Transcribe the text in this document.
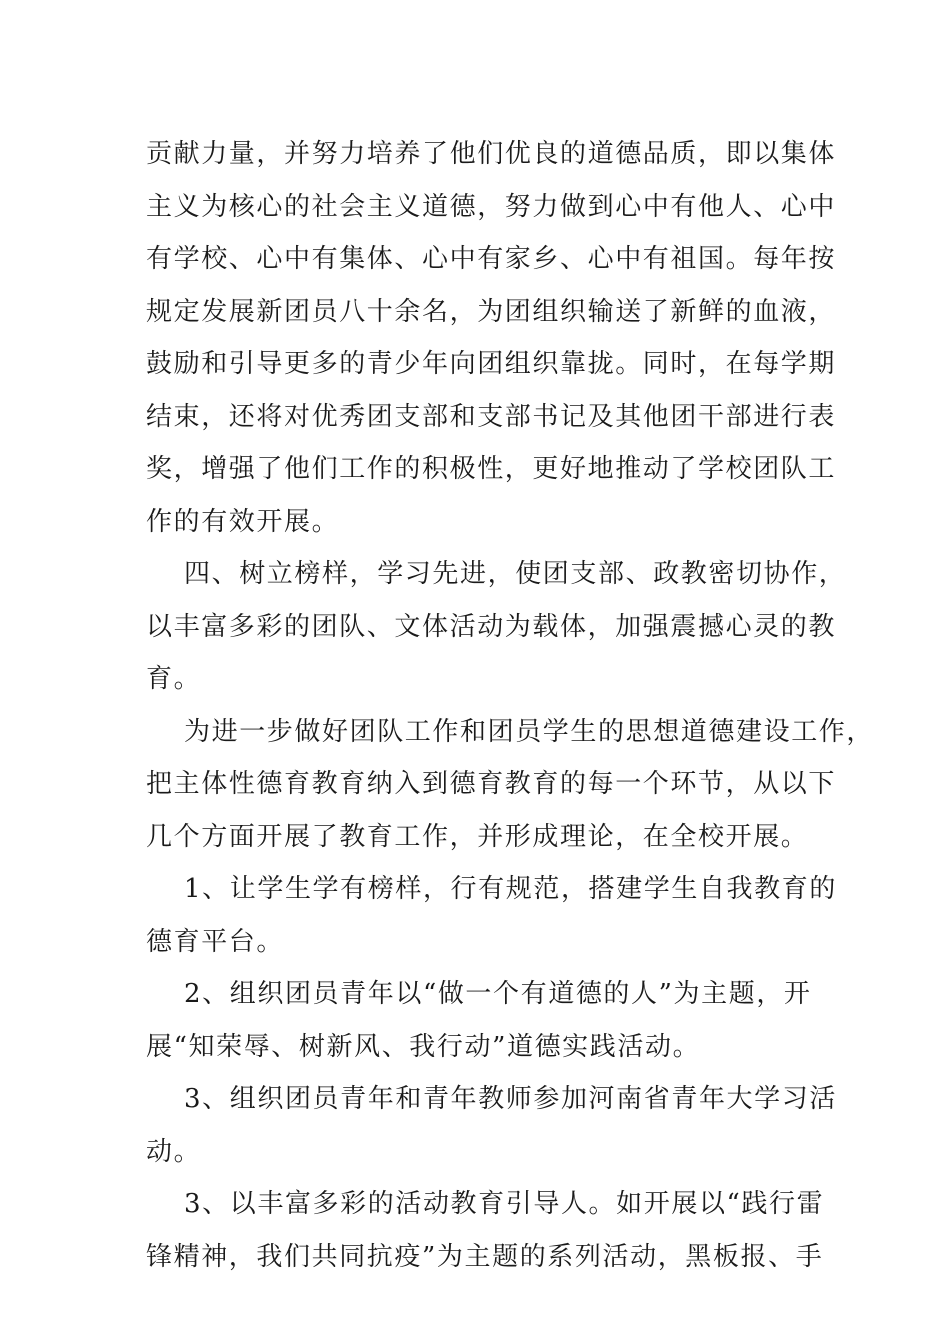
贡献力量，并努力培养了他们优良的道德品质，即以集体
主义为核心的社会主义道德，努力做到心中有他人、心中
有学校、心中有集体、心中有家乡、心中有祖国。每年按
规定发展新团员八十余名，为团组织输送了新鲜的血液，
鼓励和引导更多的青少年向团组织靠拢。同时，在每学期
结束，还将对优秀团支部和支部书记及其他团干部进行表
奖，增强了他们工作的积极性，更好地推动了学校团队工
作的有效开展。
四、树立榜样，学习先进，使团支部、政教密切协作，
以丰富多彩的团队、文体活动为载体，加强震撼心灵的教
育。
为进一步做好团队工作和团员学生的思想道德建设工作，
把主体性德育教育纳入到德育教育的每一个环节，从以下
几个方面开展了教育工作，并形成理论，在全校开展。
1、让学生学有榜样，行有规范，搭建学生自我教育的
德育平台。
2、组织团员青年以“做一个有道德的人”为主题，开
展“知荣辱、树新风、我行动”道德实践活动。
3、组织团员青年和青年教师参加河南省青年大学习活
动。
3、以丰富多彩的活动教育引导人。如开展以“践行雷
锋精神，我们共同抗疫”为主题的系列活动，黑板报、手
